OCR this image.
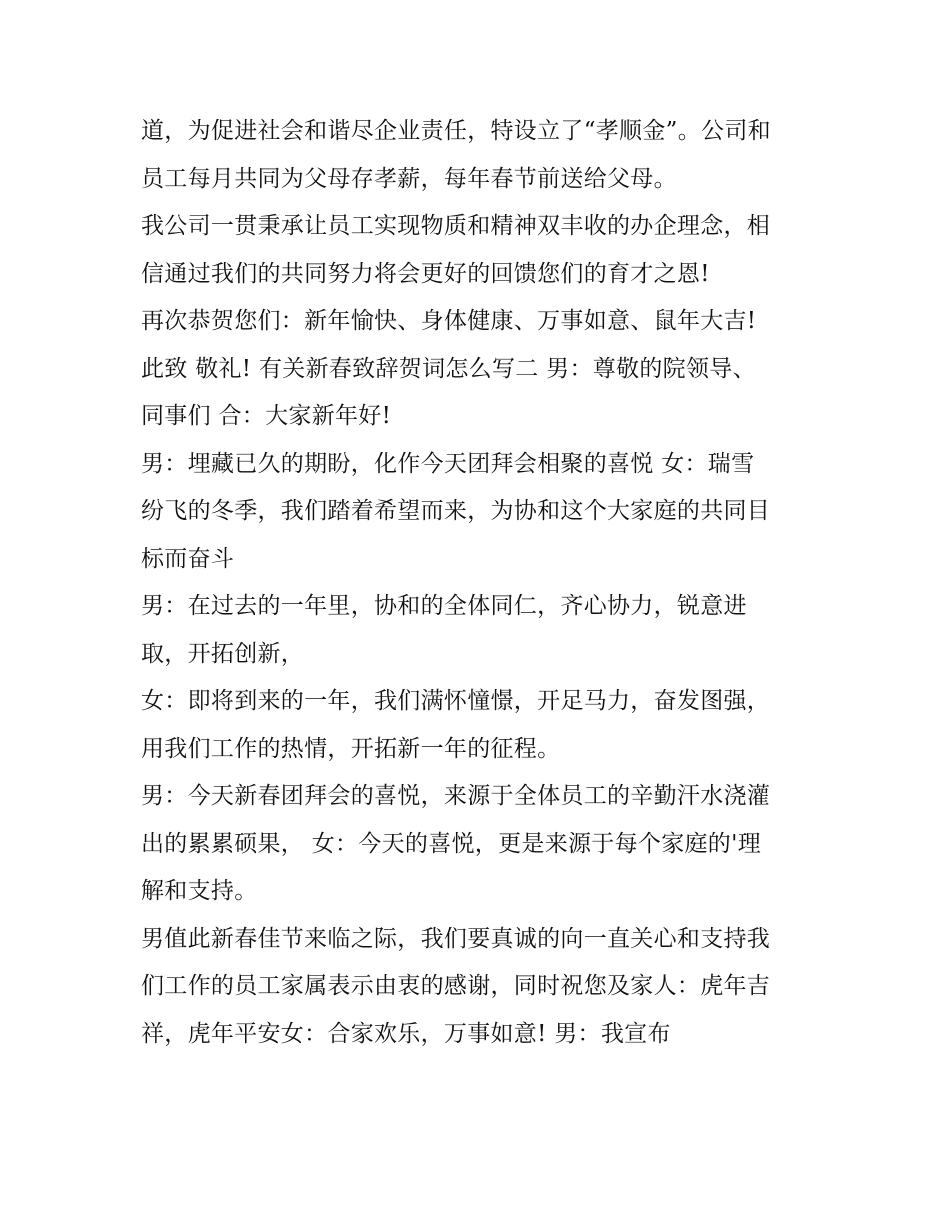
道，为促进社会和谐尽企业责任，特设立了“孝顺金”。公司和
员工每月共同为父母存孝薪，每年春节前送给父母。
我公司一贯秉承让员工实现物质和精神双丰收的办企理念，相
信通过我们的共同努力将会更好的回馈您们的育才之恩!
再次恭贺您们：新年愉快、身体健康、万事如意、鼠年大吉!
此致 敬礼! 有关新春致辞贺词怎么写二 男：尊敬的院领导、
同事们 合：大家新年好!
男：埋藏已久的期盼，化作今天团拜会相聚的喜悦 女：瑞雪
纷飞的冬季，我们踏着希望而来，为协和这个大家庭的共同目
标而奋斗
男：在过去的一年里，协和的全体同仁，齐心协力，锐意进
取，开拓创新，
女：即将到来的一年，我们满怀憧憬，开足马力，奋发图强，
用我们工作的热情，开拓新一年的征程。
男：今天新春团拜会的喜悦，来源于全体员工的辛勤汗水浇灌
出的累累硕果， 女：今天的喜悦，更是来源于每个家庭的'理
解和支持。
男值此新春佳节来临之际，我们要真诚的向一直关心和支持我
们工作的员工家属表示由衷的感谢，同时祝您及家人：虎年吉
祥，虎年平安女：合家欢乐，万事如意! 男：我宣布
